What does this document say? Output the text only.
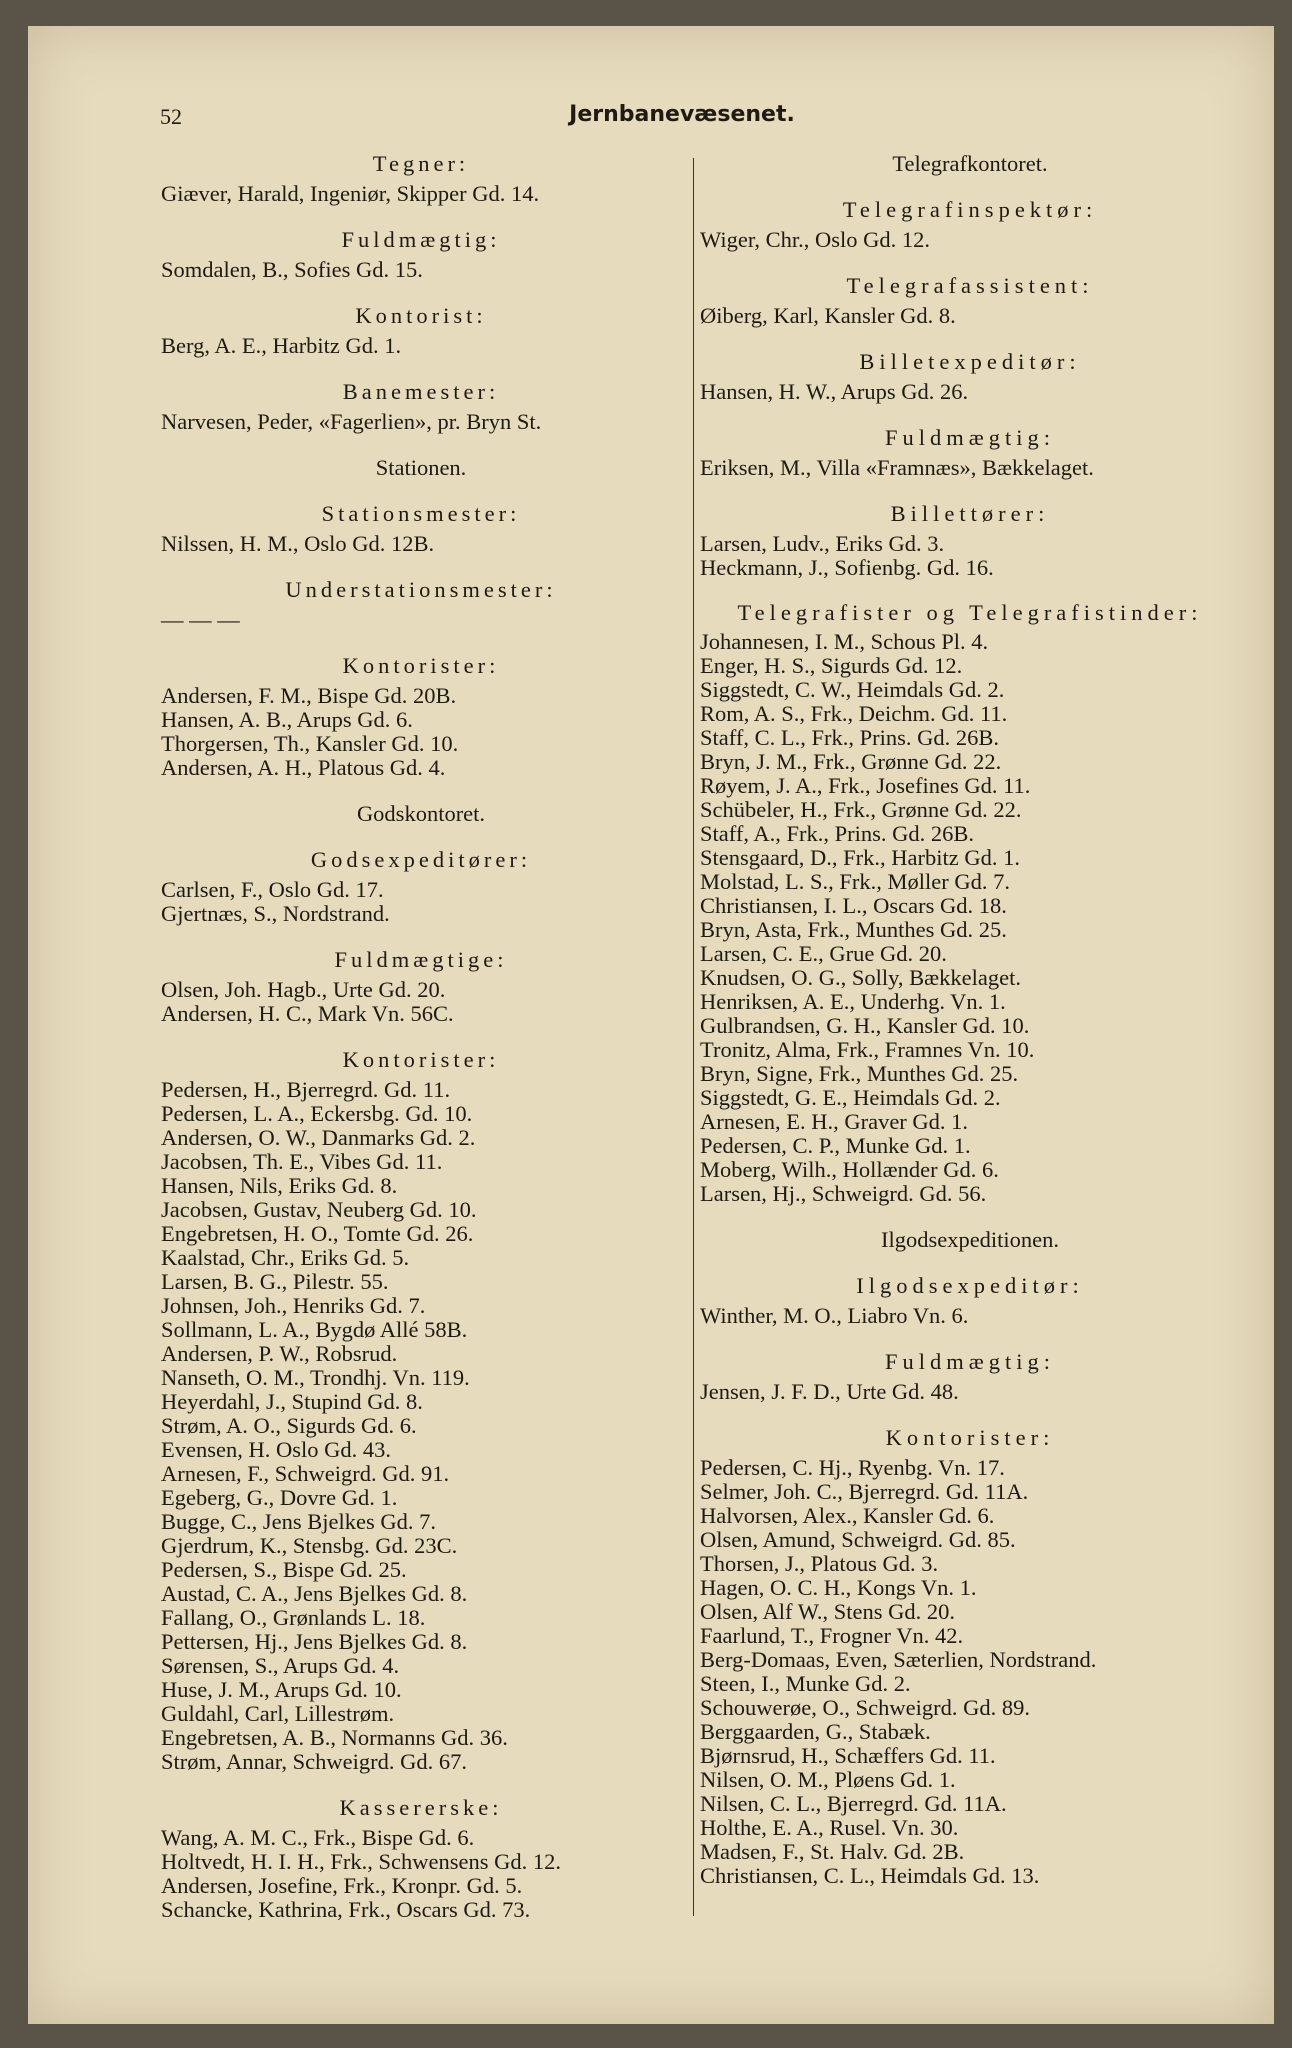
52	Jernbanevæsenet.
Tegner:
Giæver, Harald, Ingeniør, Skipper Gd. 14.
Fuldmægtig:
Somdalen, B., Sofies Gd. 15.
Kontorist:
Berg, A. E., Harbitz Gd. 1.
Banemester:
Narvesen, Peder, «Fagerlien», pr. Bryn St.
Stationen.
Stationsmester:
Nilssen, H. M., Oslo Gd. 12B.
Understationsmester:
— — —
Kontorister:
Andersen, F. M., Bispe Gd. 20B.
Hansen, A. B., Arups Gd. 6.
Thorgersen, Th., Kansler Gd. 10.
Andersen, A. H., Platous Gd. 4.
Godskontoret.
Godsexpeditører:
Carlsen, F., Oslo Gd. 17.
Gjertnæs, S., Nordstrand.
Fuldmægtige:
Olsen, Joh. Hagb., Urte Gd. 20.
Andersen, H. C., Mark Vn. 56C.
Kontorister:
Pedersen, H., Bjerregrd. Gd. 11.
Pedersen, L. A., Eckersbg. Gd. 10.
Andersen, O. W., Danmarks Gd. 2.
Jacobsen, Th. E., Vibes Gd. 11.
Hansen, Nils, Eriks Gd. 8.
Jacobsen, Gustav, Neuberg Gd. 10.
Engebretsen, H. O., Tomte Gd. 26.
Kaalstad, Chr., Eriks Gd. 5.
Larsen, B. G., Pilestr. 55.
Johnsen, Joh., Henriks Gd. 7.
Sollmann, L. A., Bygdø Allé 58B.
Andersen, P. W., Robsrud.
Nanseth, O. M., Trondhj. Vn. 119.
Heyerdahl, J., Stupind Gd. 8.
Strøm, A. O., Sigurds Gd. 6.
Evensen, H. Oslo Gd. 43.
Arnesen, F., Schweigrd. Gd. 91.
Egeberg, G., Dovre Gd. 1.
Bugge, C., Jens Bjelkes Gd. 7.
Gjerdrum, K., Stensbg. Gd. 23C.
Pedersen, S., Bispe Gd. 25.
Austad, C. A., Jens Bjelkes Gd. 8.
Fallang, O., Grønlands L. 18.
Pettersen, Hj., Jens Bjelkes Gd. 8.
Sørensen, S., Arups Gd. 4.
Huse, J. M., Arups Gd. 10.
Guldahl, Carl, Lillestrøm.
Engebretsen, A. B., Normanns Gd. 36.
Strøm, Annar, Schweigrd. Gd. 67.
Kassererske:
Wang, A. M. C., Frk., Bispe Gd. 6.
Holtvedt, H. I. H., Frk., Schwensens Gd. 12.
Andersen, Josefine, Frk., Kronpr. Gd. 5.
Schancke, Kathrina, Frk., Oscars Gd. 73.
Telegrafkontoret.
Telegrafinspektør:
Wiger, Chr., Oslo Gd. 12.
Telegrafassistent:
Øiberg, Karl, Kansler Gd. 8.
Billetexpeditør:
Hansen, H. W., Arups Gd. 26.
Fuldmægtig:
Eriksen, M., Villa «Framnæs», Bækkelaget.
Billettører:
Larsen, Ludv., Eriks Gd. 3.
Heckmann, J., Sofienbg. Gd. 16.
Telegrafister og Telegrafistinder:
Johannesen, I. M., Schous Pl. 4.
Enger, H. S., Sigurds Gd. 12.
Siggstedt, C. W., Heimdals Gd. 2.
Rom, A. S., Frk., Deichm. Gd. 11.
Staff, C. L., Frk., Prins. Gd. 26B.
Bryn, J. M., Frk., Grønne Gd. 22.
Røyem, J. A., Frk., Josefines Gd. 11.
Schübeler, H., Frk., Grønne Gd. 22.
Staff, A., Frk., Prins. Gd. 26B.
Stensgaard, D., Frk., Harbitz Gd. 1.
Molstad, L. S., Frk., Møller Gd. 7.
Christiansen, I. L., Oscars Gd. 18.
Bryn, Asta, Frk., Munthes Gd. 25.
Larsen, C. E., Grue Gd. 20.
Knudsen, O. G., Solly, Bækkelaget.
Henriksen, A. E., Underhg. Vn. 1.
Gulbrandsen, G. H., Kansler Gd. 10.
Tronitz, Alma, Frk., Framnes Vn. 10.
Bryn, Signe, Frk., Munthes Gd. 25.
Siggstedt, G. E., Heimdals Gd. 2.
Arnesen, E. H., Graver Gd. 1.
Pedersen, C. P., Munke Gd. 1.
Moberg, Wilh., Hollænder Gd. 6.
Larsen, Hj., Schweigrd. Gd. 56.
Ilgodsexpeditionen.
Ilgodsexpeditør:
Winther, M. O., Liabro Vn. 6.
Fuldmægtig:
Jensen, J. F. D., Urte Gd. 48.
Kontorister:
Pedersen, C. Hj., Ryenbg. Vn. 17.
Selmer, Joh. C., Bjerregrd. Gd. 11A.
Halvorsen, Alex., Kansler Gd. 6.
Olsen, Amund, Schweigrd. Gd. 85.
Thorsen, J., Platous Gd. 3.
Hagen, O. C. H., Kongs Vn. 1.
Olsen, Alf W., Stens Gd. 20.
Faarlund, T., Frogner Vn. 42.
Berg-Domaas, Even, Sæterlien, Nordstrand.
Steen, I., Munke Gd. 2.
Schouwerøe, O., Schweigrd. Gd. 89.
Berggaarden, G., Stabæk.
Bjørnsrud, H., Schæffers Gd. 11.
Nilsen, O. M., Pløens Gd. 1.
Nilsen, C. L., Bjerregrd. Gd. 11A.
Holthe, E. A., Rusel. Vn. 30.
Madsen, F., St. Halv. Gd. 2B.
Christiansen, C. L., Heimdals Gd. 13.
